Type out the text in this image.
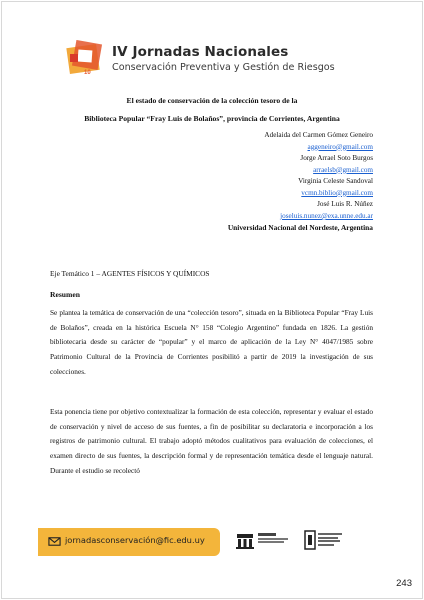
10
IV Jornadas Nacionales
Conservación Preventiva y Gestión de Riesgos
El estado de conservación de la colección tesoro de la
Biblioteca Popular “Fray Luis de Bolaños”, provincia de Corrientes, Argentina
Adelaida del Carmen Gómez Geneiro
aggeneiro@gmail.com
Jorge Arrael Soto Burgos
arraelsb@gmail.com
Virginia Celeste Sandoval
vcmn.biblio@gmail.com
José Luis R. Núñez
joseluis.nunez@exa.unne.edu.ar
Universidad Nacional del Nordeste, Argentina
Eje Temático 1 – AGENTES FÍSICOS Y QUÍMICOS
Resumen

Se plantea la temática de conservación de una “colección tesoro”, situada en la Biblioteca Popular “Fray Luis de Bolaños”, creada en la histórica Escuela N° 158 “Colegio Argentino” fundada en 1826. La gestión bibliotecaria desde su carácter de “popular” y el marco de aplicación de la Ley N° 4047/1985 sobre Patrimonio Cultural de la Provincia de Corrientes posibilitó a partir de 2019 la investigación de sus colecciones.

Esta ponencia tiene por objetivo contextualizar la formación de esta colección, representar y evaluar el estado de conservación y nivel de acceso de sus fuentes, a fin de posibilitar su declaratoria e incorporación a los registros de patrimonio cultural. El trabajo adoptó métodos cualitativos para evaluación de colecciones, el examen directo de sus fuentes, la descripción formal y de representación temática desde el lenguaje natural. Durante el estudio se recolectó

jornadasconservación@fic.edu.uy
243
